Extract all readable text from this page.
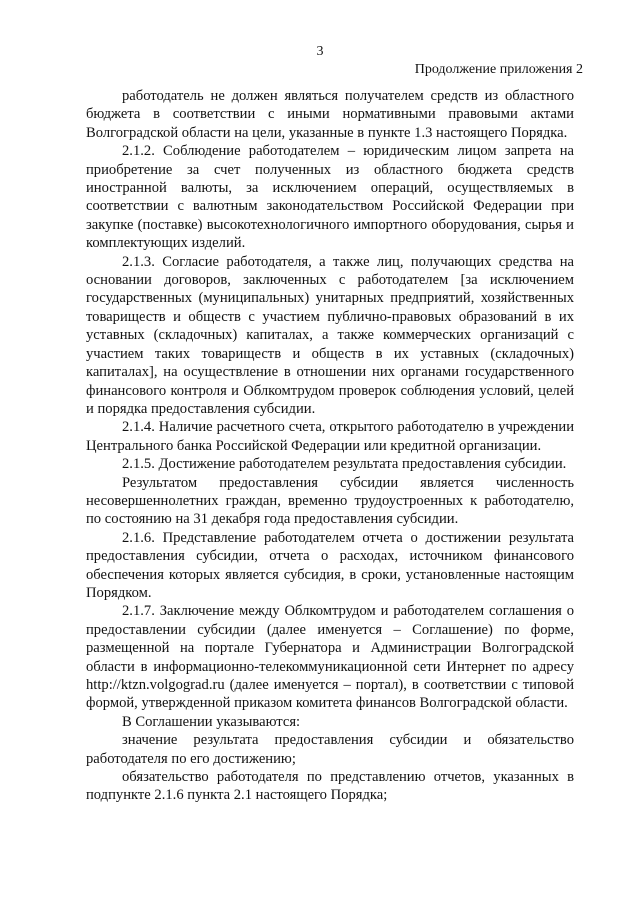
3
Продолжение приложения 2

работодатель не должен являться получателем средств из областного бюджета в соответствии с иными нормативными правовыми актами Волгоградской области на цели, указанные в пункте 1.3 настоящего Порядка.

2.1.2. Соблюдение работодателем – юридическим лицом запрета на приобретение за счет полученных из областного бюджета средств иностранной валюты, за исключением операций, осуществляемых в соответствии с валютным законодательством Российской Федерации при закупке (поставке) высокотехнологичного импортного оборудования, сырья и комплектующих изделий.

2.1.3. Согласие работодателя, а также лиц, получающих средства на основании договоров, заключенных с работодателем [за исключением государственных (муниципальных) унитарных предприятий, хозяйственных товариществ и обществ с участием публично-правовых образований в их уставных (складочных) капиталах, а также коммерческих организаций с участием таких товариществ и обществ в их уставных (складочных) капиталах], на осуществление в отношении них органами государственного финансового контроля и Облкомтрудом проверок соблюдения условий, целей и порядка предоставления субсидии.

2.1.4. Наличие расчетного счета, открытого работодателю в учреждении Центрального банка Российской Федерации или кредитной организации.

2.1.5. Достижение работодателем результата предоставления субсидии.

Результатом предоставления субсидии является численность несовершеннолетних граждан, временно трудоустроенных к работодателю, по состоянию на 31 декабря года предоставления субсидии.

2.1.6. Представление работодателем отчета о достижении результата предоставления субсидии, отчета о расходах, источником финансового обеспечения которых является субсидия, в сроки, установленные настоящим Порядком.

2.1.7. Заключение между Облкомтрудом и работодателем соглашения о предоставлении субсидии (далее именуется – Соглашение) по форме, размещенной на портале Губернатора и Администрации Волгоградской области в информационно-телекоммуникационной сети Интернет по адресу http://ktzn.volgograd.ru (далее именуется – портал), в соответствии с типовой формой, утвержденной приказом комитета финансов Волгоградской области.

В Соглашении указываются:

значение результата предоставления субсидии и обязательство работодателя по его достижению;

обязательство работодателя по представлению отчетов, указанных в подпункте 2.1.6 пункта 2.1 настоящего Порядка;
